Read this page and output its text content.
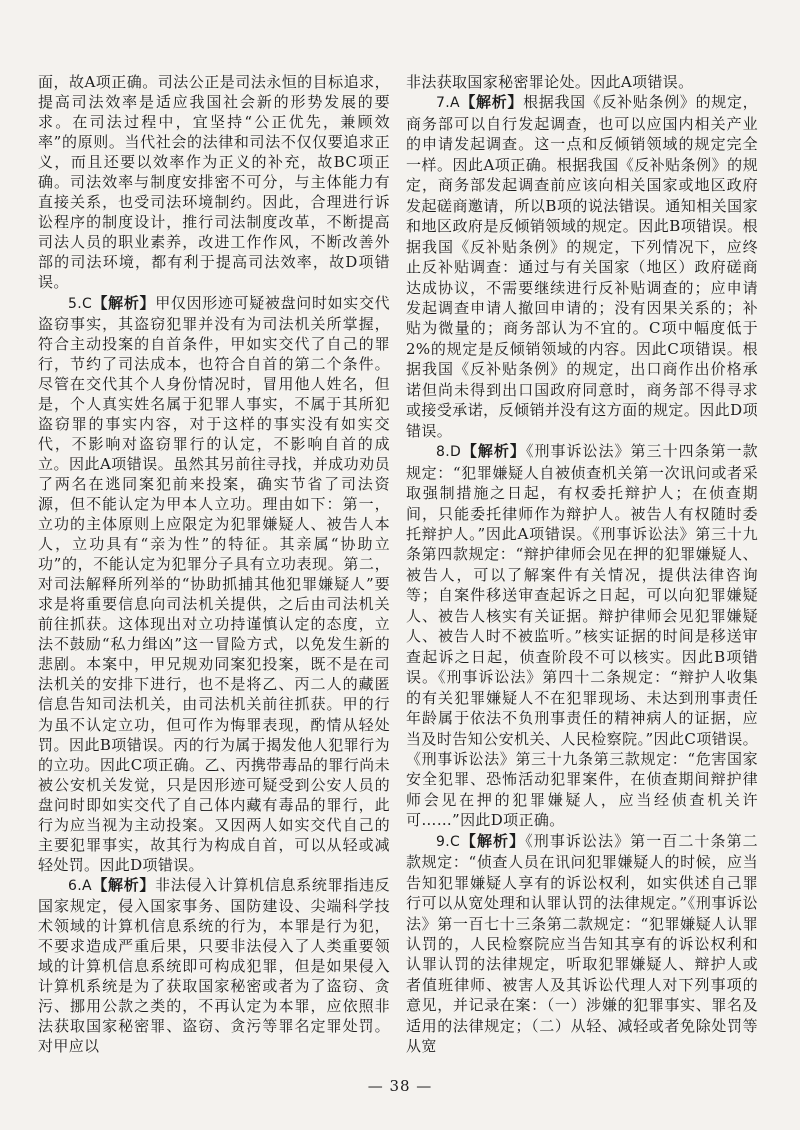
面，故A项正确。司法公正是司法永恒的目标追求，提高司法效率是适应我国社会新的形势发展的要求。在司法过程中，宜坚持“公正优先，兼顾效率”的原则。当代社会的法律和司法不仅仅要追求正义，而且还要以效率作为正义的补充，故BC项正确。司法效率与制度安排密不可分，与主体能力有直接关系，也受司法环境制约。因此，合理进行诉讼程序的制度设计，推行司法制度改革，不断提高司法人员的职业素养，改进工作作风，不断改善外部的司法环境，都有利于提高司法效率，故D项错误。

5.C【解析】甲仅因形迹可疑被盘问时如实交代盗窃事实，其盗窃犯罪并没有为司法机关所掌握，符合主动投案的自首条件，甲如实交代了自己的罪行，节约了司法成本，也符合自首的第二个条件。尽管在交代其个人身份情况时，冒用他人姓名，但是，个人真实姓名属于犯罪人事实，不属于其所犯盗窃罪的事实内容，对于这样的事实没有如实交代，不影响对盗窃罪行的认定，不影响自首的成立。因此A项错误。虽然其另前往寻找，并成功劝员了两名在逃同案犯前来投案，确实节省了司法资源，但不能认定为甲本人立功。理由如下：第一，立功的主体原则上应限定为犯罪嫌疑人、被告人本人，立功具有“亲为性”的特征。其亲属“协助立功”的，不能认定为犯罪分子具有立功表现。第二，对司法解释所列举的“协助抓捕其他犯罪嫌疑人”要求是将重要信息向司法机关提供，之后由司法机关前往抓获。这体现出对立功持谨慎认定的态度，立法不鼓励“私力缉凶”这一冒险方式，以免发生新的悲剧。本案中，甲兄规劝同案犯投案，既不是在司法机关的安排下进行，也不是将乙、丙二人的藏匿信息告知司法机关，由司法机关前往抓获。甲的行为虽不认定立功，但可作为悔罪表现，酌情从轻处罚。因此B项错误。丙的行为属于揭发他人犯罪行为的立功。因此C项正确。乙、丙携带毒品的罪行尚未被公安机关发觉，只是因形迹可疑受到公安人员的盘问时即如实交代了自己体内藏有毒品的罪行，此行为应当视为主动投案。又因两人如实交代自己的主要犯罪事实，故其行为构成自首，可以从轻或减轻处罚。因此D项错误。

6.A【解析】非法侵入计算机信息系统罪指违反国家规定，侵入国家事务、国防建设、尖端科学技术领域的计算机信息系统的行为，本罪是行为犯，不要求造成严重后果，只要非法侵入了人类重要领域的计算机信息系统即可构成犯罪，但是如果侵入计算机系统是为了获取国家秘密或者为了盗窃、贪污、挪用公款之类的，不再认定为本罪，应依照非法获取国家秘密罪、盗窃、贪污等罪名定罪处罚。对甲应以

非法获取国家秘密罪论处。因此A项错误。

7.A【解析】根据我国《反补贴条例》的规定，商务部可以自行发起调查，也可以应国内相关产业的申请发起调查。这一点和反倾销领域的规定完全一样。因此A项正确。根据我国《反补贴条例》的规定，商务部发起调查前应该向相关国家或地区政府发起磋商邀请，所以B项的说法错误。通知相关国家和地区政府是反倾销领域的规定。因此B项错误。根据我国《反补贴条例》的规定，下列情况下，应终止反补贴调查：通过与有关国家（地区）政府磋商达成协议，不需要继续进行反补贴调查的；应申请发起调查申请人撤回申请的；没有因果关系的；补贴为微量的；商务部认为不宜的。C项中幅度低于2%的规定是反倾销领域的内容。因此C项错误。根据我国《反补贴条例》的规定，出口商作出价格承诺但尚未得到出口国政府同意时，商务部不得寻求或接受承诺，反倾销并没有这方面的规定。因此D项错误。

8.D【解析】《刑事诉讼法》第三十四条第一款规定：“犯罪嫌疑人自被侦查机关第一次讯问或者采取强制措施之日起，有权委托辩护人；在侦查期间，只能委托律师作为辩护人。被告人有权随时委托辩护人。”因此A项错误。《刑事诉讼法》第三十九条第四款规定：“辩护律师会见在押的犯罪嫌疑人、被告人，可以了解案件有关情况，提供法律咨询等；自案件移送审查起诉之日起，可以向犯罪嫌疑人、被告人核实有关证据。辩护律师会见犯罪嫌疑人、被告人时不被监听。”核实证据的时间是移送审查起诉之日起，侦查阶段不可以核实。因此B项错误。《刑事诉讼法》第四十二条规定：“辩护人收集的有关犯罪嫌疑人不在犯罪现场、未达到刑事责任年龄属于依法不负刑事责任的精神病人的证据，应当及时告知公安机关、人民检察院。”因此C项错误。《刑事诉讼法》第三十九条第三款规定：“危害国家安全犯罪、恐怖活动犯罪案件，在侦查期间辩护律师会见在押的犯罪嫌疑人，应当经侦查机关许可……”因此D项正确。

9.C【解析】《刑事诉讼法》第一百二十条第二款规定：“侦查人员在讯问犯罪嫌疑人的时候，应当告知犯罪嫌疑人享有的诉讼权利，如实供述自己罪行可以从宽处理和认罪认罚的法律规定。”《刑事诉讼法》第一百七十三条第二款规定：“犯罪嫌疑人认罪认罚的，人民检察院应当告知其享有的诉讼权利和认罪认罚的法律规定，听取犯罪嫌疑人、辩护人或者值班律师、被害人及其诉讼代理人对下列事项的意见，并记录在案：（一）涉嫌的犯罪事实、罪名及适用的法律规定；（二）从轻、减轻或者免除处罚等从宽

— 38 —
